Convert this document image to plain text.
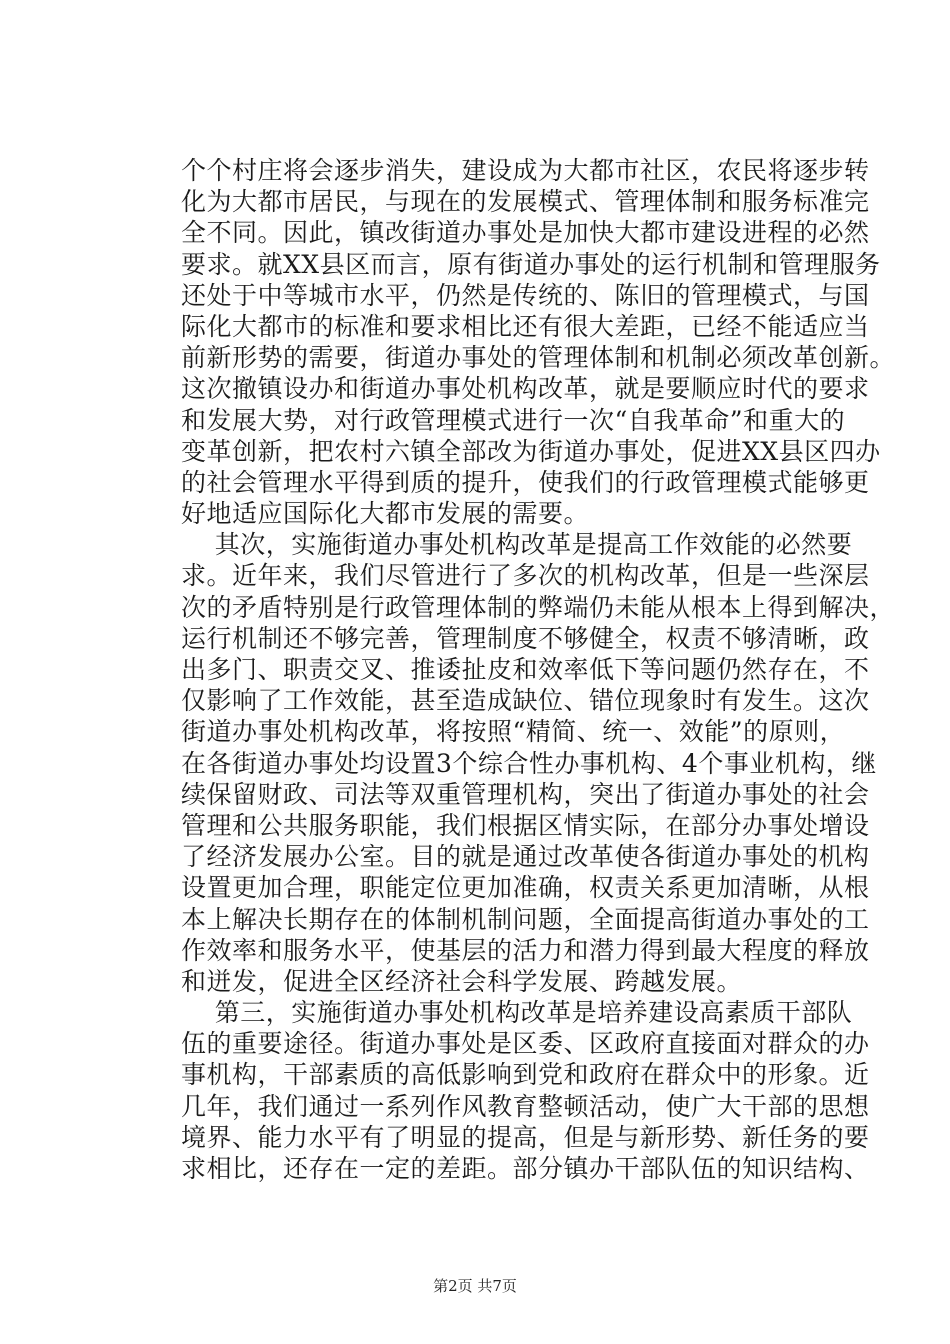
个个村庄将会逐步消失，建设成为大都市社区，农民将逐步转
化为大都市居民，与现在的发展模式、管理体制和服务标准完
全不同。因此，镇改街道办事处是加快大都市建设进程的必然
要求。就XX县区而言，原有街道办事处的运行机制和管理服务
还处于中等城市水平，仍然是传统的、陈旧的管理模式，与国
际化大都市的标准和要求相比还有很大差距，已经不能适应当
前新形势的需要，街道办事处的管理体制和机制必须改革创新。
这次撤镇设办和街道办事处机构改革，就是要顺应时代的要求
和发展大势，对行政管理模式进行一次“自我革命”和重大的
变革创新，把农村六镇全部改为街道办事处，促进XX县区四办
的社会管理水平得到质的提升，使我们的行政管理模式能够更
好地适应国际化大都市发展的需要。
其次，实施街道办事处机构改革是提高工作效能的必然要
求。近年来，我们尽管进行了多次的机构改革，但是一些深层
次的矛盾特别是行政管理体制的弊端仍未能从根本上得到解决，
运行机制还不够完善，管理制度不够健全，权责不够清晰，政
出多门、职责交叉、推诿扯皮和效率低下等问题仍然存在，不
仅影响了工作效能，甚至造成缺位、错位现象时有发生。这次
街道办事处机构改革，将按照“精简、统一、效能”的原则，
在各街道办事处均设置3个综合性办事机构、4个事业机构，继
续保留财政、司法等双重管理机构，突出了街道办事处的社会
管理和公共服务职能，我们根据区情实际，在部分办事处增设
了经济发展办公室。目的就是通过改革使各街道办事处的机构
设置更加合理，职能定位更加准确，权责关系更加清晰，从根
本上解决长期存在的体制机制问题，全面提高街道办事处的工
作效率和服务水平，使基层的活力和潜力得到最大程度的释放
和迸发，促进全区经济社会科学发展、跨越发展。
第三，实施街道办事处机构改革是培养建设高素质干部队
伍的重要途径。街道办事处是区委、区政府直接面对群众的办
事机构，干部素质的高低影响到党和政府在群众中的形象。近
几年，我们通过一系列作风教育整顿活动，使广大干部的思想
境界、能力水平有了明显的提高，但是与新形势、新任务的要
求相比，还存在一定的差距。部分镇办干部队伍的知识结构、
第2页 共7页
